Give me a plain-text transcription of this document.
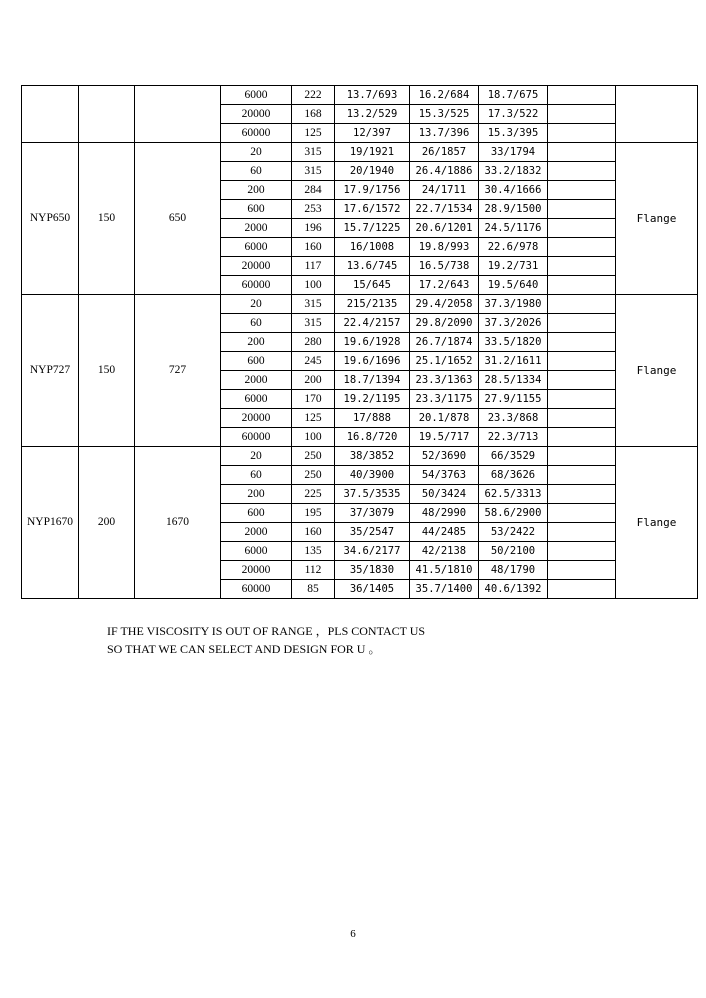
			6000	222	13.7/693	16.2/684	18.7/675		
			20000	168	13.2/529	15.3/525	17.3/522		
			60000	125	12/397	13.7/396	15.3/395		
NYP650	150	650	20	315	19/1921	26/1857	33/1794		Flange
			60	315	20/1940	26.4/1886	33.2/1832		
			200	284	17.9/1756	24/1711	30.4/1666		
			600	253	17.6/1572	22.7/1534	28.9/1500		
			2000	196	15.7/1225	20.6/1201	24.5/1176		
			6000	160	16/1008	19.8/993	22.6/978		
			20000	117	13.6/745	16.5/738	19.2/731		
			60000	100	15/645	17.2/643	19.5/640		
NYP727	150	727	20	315	215/2135	29.4/2058	37.3/1980		Flange
			60	315	22.4/2157	29.8/2090	37.3/2026		
			200	280	19.6/1928	26.7/1874	33.5/1820		
			600	245	19.6/1696	25.1/1652	31.2/1611		
			2000	200	18.7/1394	23.3/1363	28.5/1334		
			6000	170	19.2/1195	23.3/1175	27.9/1155		
			20000	125	17/888	20.1/878	23.3/868		
			60000	100	16.8/720	19.5/717	22.3/713		
NYP1670	200	1670	20	250	38/3852	52/3690	66/3529		Flange
			60	250	40/3900	54/3763	68/3626		
			200	225	37.5/3535	50/3424	62.5/3313		
			600	195	37/3079	48/2990	58.6/2900		
			2000	160	35/2547	44/2485	53/2422		
			6000	135	34.6/2177	42/2138	50/2100		
			20000	112	35/1830	41.5/1810	48/1790		
			60000	85	36/1405	35.7/1400	40.6/1392		
IF THE VISCOSITY IS OUT OF RANGE ，PLS CONTACT US
SO THAT WE CAN SELECT AND DESIGN FOR U 。
6
